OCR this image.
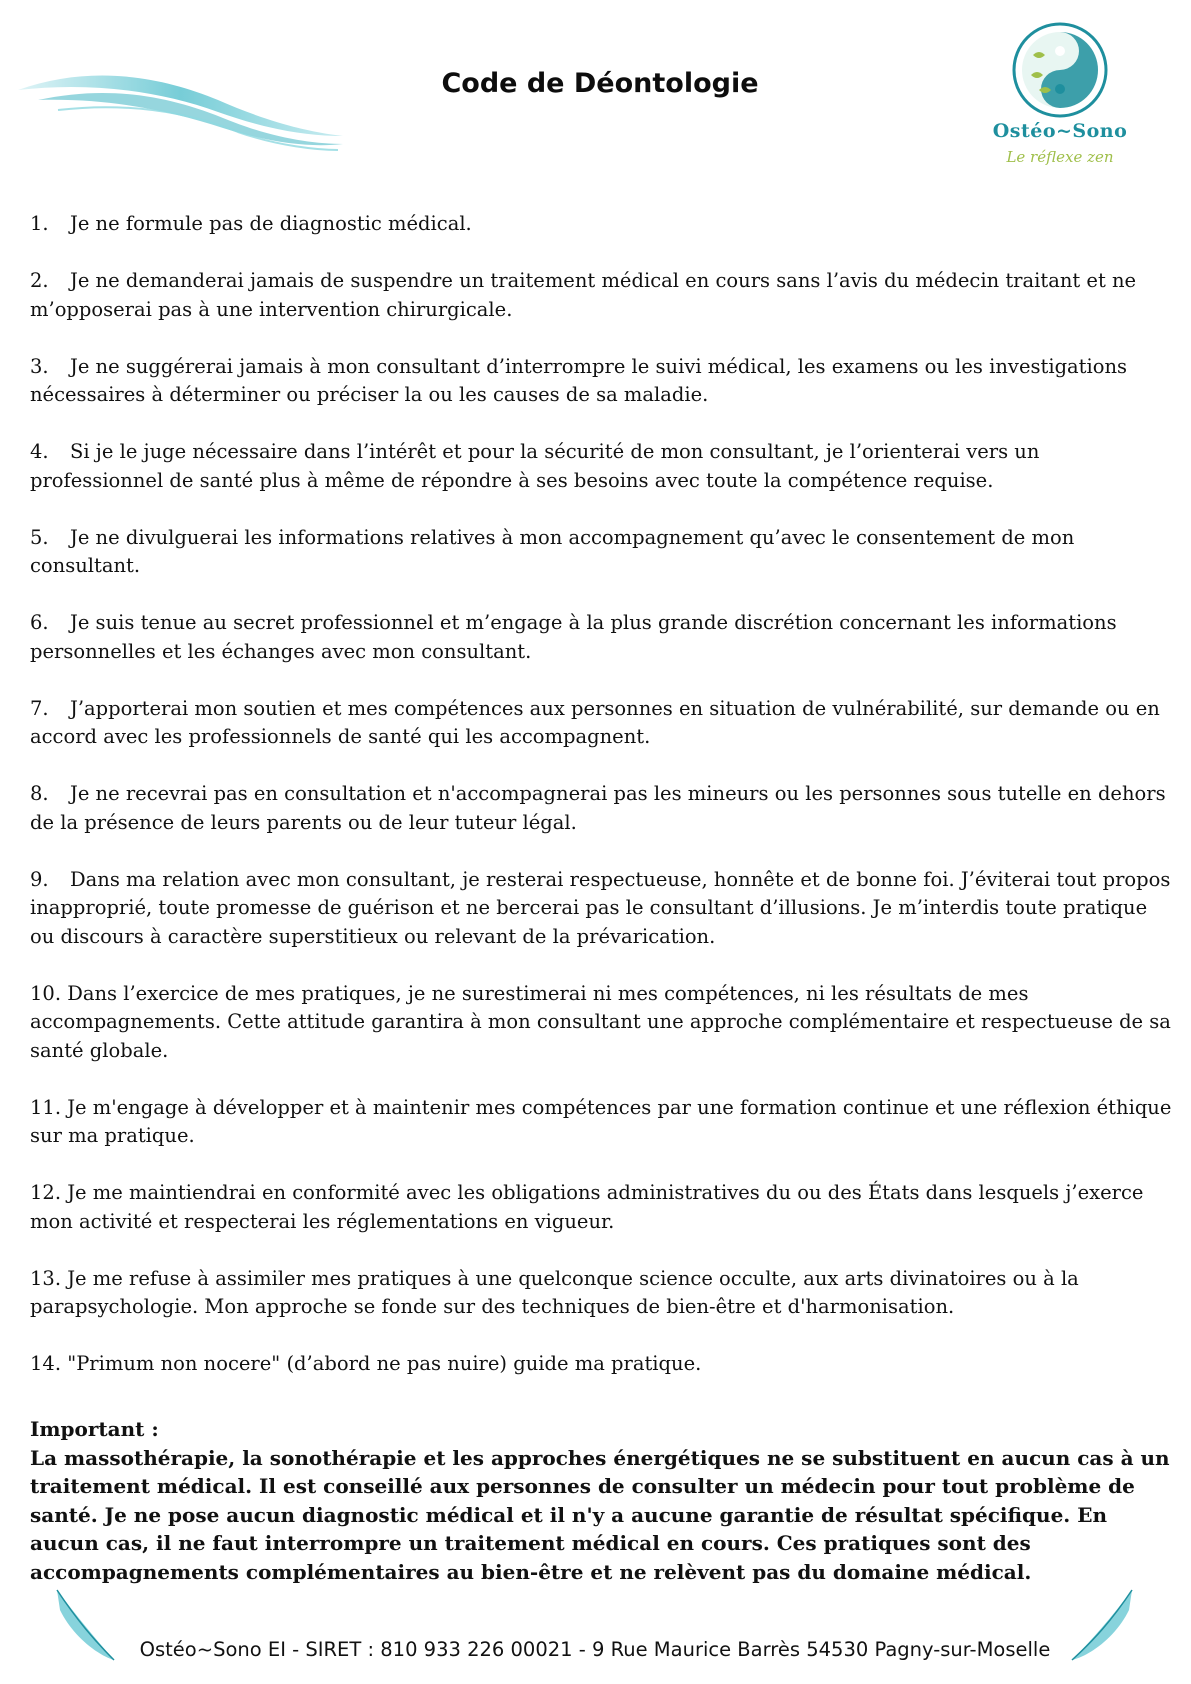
Code de Déontologie
Ostéo~Sono
Le réflexe zen

1. Je ne formule pas de diagnostic médical.

2. Je ne demanderai jamais de suspendre un traitement médical en cours sans l’avis du médecin traitant et ne m’opposerai pas à une intervention chirurgicale.

3. Je ne suggérerai jamais à mon consultant d’interrompre le suivi médical, les examens ou les investigations nécessaires à déterminer ou préciser la ou les causes de sa maladie.

4. Si je le juge nécessaire dans l’intérêt et pour la sécurité de mon consultant, je l’orienterai vers un professionnel de santé plus à même de répondre à ses besoins avec toute la compétence requise.

5. Je ne divulguerai les informations relatives à mon accompagnement qu’avec le consentement de mon consultant.

6. Je suis tenue au secret professionnel et m’engage à la plus grande discrétion concernant les informations personnelles et les échanges avec mon consultant.

7. J’apporterai mon soutien et mes compétences aux personnes en situation de vulnérabilité, sur demande ou en accord avec les professionnels de santé qui les accompagnent.

8. Je ne recevrai pas en consultation et n'accompagnerai pas les mineurs ou les personnes sous tutelle en dehors de la présence de leurs parents ou de leur tuteur légal.

9. Dans ma relation avec mon consultant, je resterai respectueuse, honnête et de bonne foi. J’éviterai tout propos inapproprié, toute promesse de guérison et ne bercerai pas le consultant d’illusions. Je m’interdis toute pratique ou discours à caractère superstitieux ou relevant de la prévarication.

10. Dans l’exercice de mes pratiques, je ne surestimerai ni mes compétences, ni les résultats de mes accompagnements. Cette attitude garantira à mon consultant une approche complémentaire et respectueuse de sa santé globale.

11. Je m'engage à développer et à maintenir mes compétences par une formation continue et une réflexion éthique sur ma pratique.

12. Je me maintiendrai en conformité avec les obligations administratives du ou des États dans lesquels j’exerce mon activité et respecterai les réglementations en vigueur.

13. Je me refuse à assimiler mes pratiques à une quelconque science occulte, aux arts divinatoires ou à la parapsychologie. Mon approche se fonde sur des techniques de bien-être et d'harmonisation.

14. "Primum non nocere" (d’abord ne pas nuire) guide ma pratique.

Important :

La massothérapie, la sonothérapie et les approches énergétiques ne se substituent en aucun cas à un traitement médical. Il est conseillé aux personnes de consulter un médecin pour tout problème de santé. Je ne pose aucun diagnostic médical et il n'y a aucune garantie de résultat spécifique. En aucun cas, il ne faut interrompre un traitement médical en cours. Ces pratiques sont des accompagnements complémentaires au bien-être et ne relèvent pas du domaine médical.

Ostéo~Sono EI - SIRET : 810 933 226 00021 - 9 Rue Maurice Barrès 54530 Pagny-sur-Moselle
